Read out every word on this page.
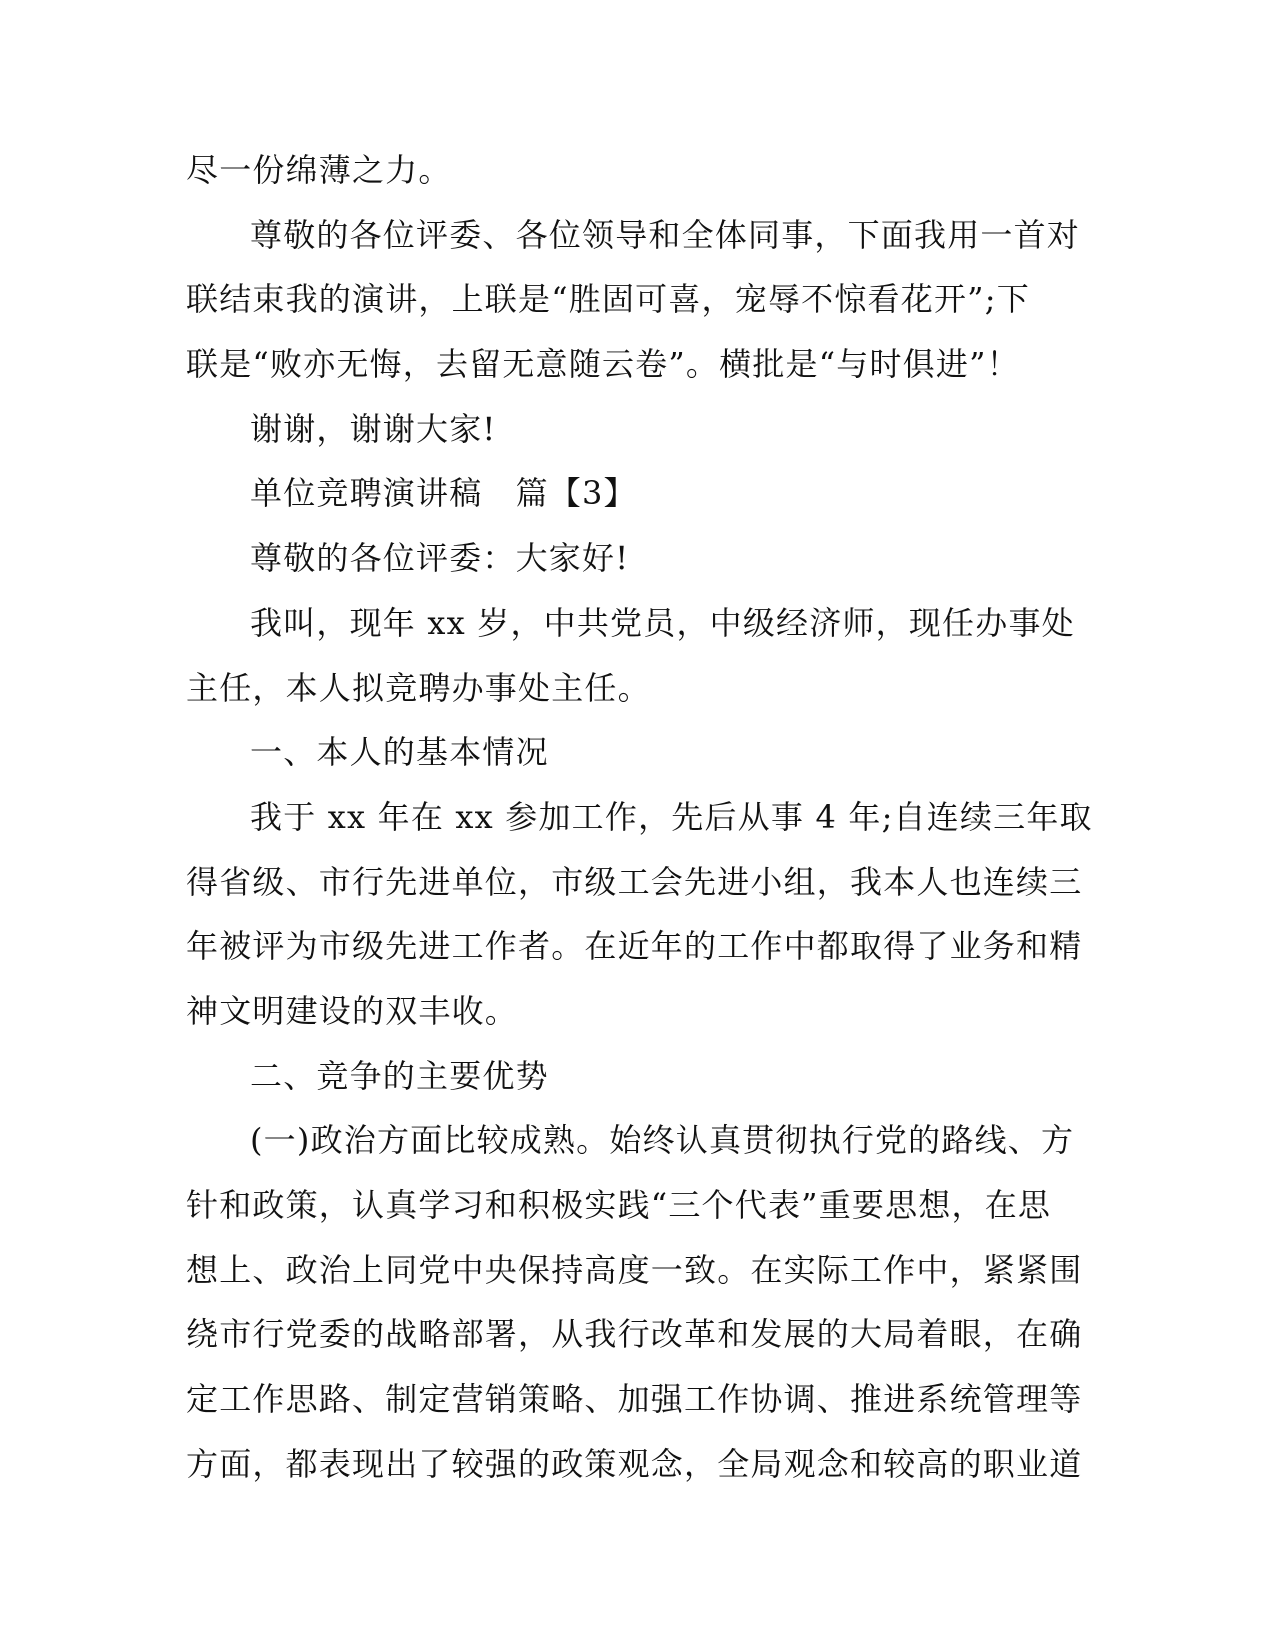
尽一份绵薄之力。
尊敬的各位评委、各位领导和全体同事，下面我用一首对
联结束我的演讲，上联是“胜固可喜，宠辱不惊看花开”;下
联是“败亦无悔，去留无意随云卷”。横批是“与时俱进”！
谢谢，谢谢大家!
单位竞聘演讲稿　篇【3】
尊敬的各位评委：大家好!
我叫，现年 xx 岁，中共党员，中级经济师，现任办事处
主任，本人拟竞聘办事处主任。
一、本人的基本情况
我于 xx 年在 xx 参加工作，先后从事 4 年;自连续三年取
得省级、市行先进单位，市级工会先进小组，我本人也连续三
年被评为市级先进工作者。在近年的工作中都取得了业务和精
神文明建设的双丰收。
二、竞争的主要优势
(一)政治方面比较成熟。始终认真贯彻执行党的路线、方
针和政策，认真学习和积极实践“三个代表”重要思想，在思
想上、政治上同党中央保持高度一致。在实际工作中，紧紧围
绕市行党委的战略部署，从我行改革和发展的大局着眼，在确
定工作思路、制定营销策略、加强工作协调、推进系统管理等
方面，都表现出了较强的政策观念，全局观念和较高的职业道
